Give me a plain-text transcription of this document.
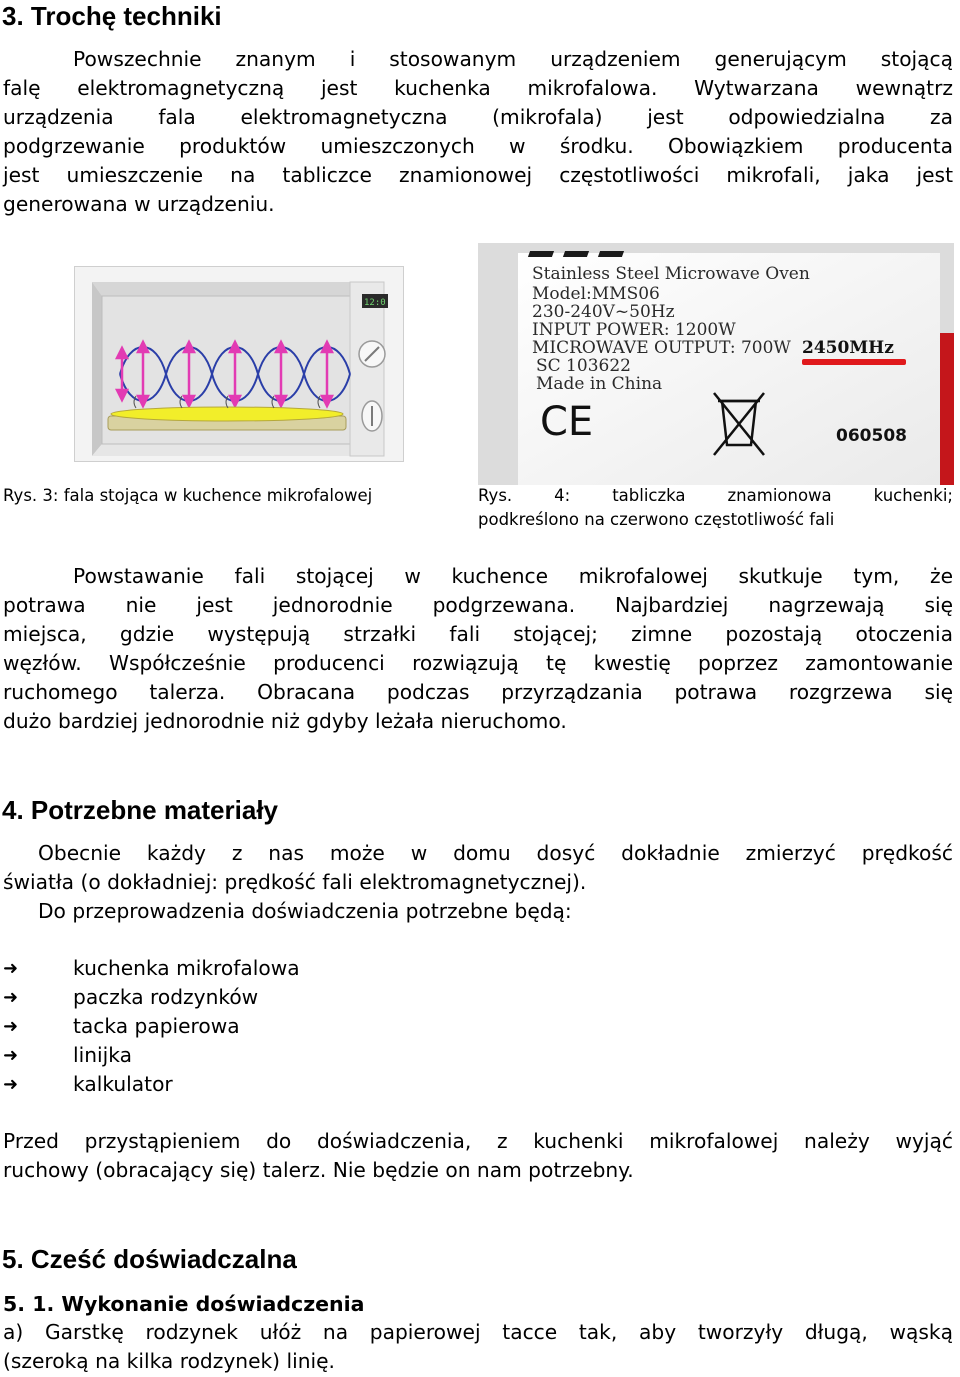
3. Trochę techniki
Powszechnie znanym i stosowanym urządzeniem generującym stojącą
falę elektromagnetyczną jest kuchenka mikrofalowa. Wytwarzana wewnątrz
urządzenia fala elektromagnetyczna (mikrofala) jest odpowiedzialna za
podgrzewanie produktów umieszczonych w środku. Obowiązkiem producenta
jest umieszczenie na tabliczce znamionowej częstotliwości mikrofali, jaka jest
generowana w urządzeniu.
12:0
Stainless Steel Microwave Oven
Model:MMS06
230-240V~50Hz
INPUT POWER: 1200W
MICROWAVE OUTPUT: 700W 2450MHz
SC 103622
Made in China
CE	060508
Rys. 3: fala stojąca w kuchence mikrofalowej	Rys. 4: tabliczka znamionowa kuchenki;
podkreślono na czerwono częstotliwość fali
Powstawanie fali stojącej w kuchence mikrofalowej skutkuje tym, że
potrawa nie jest jednorodnie podgrzewana. Najbardziej nagrzewają się
miejsca, gdzie występują strzałki fali stojącej; zimne pozostają otoczenia
węzłów. Współcześnie producenci rozwiązują tę kwestię poprzez zamontowanie
ruchomego talerza. Obracana podczas przyrządzania potrawa rozgrzewa się
dużo bardziej jednorodnie niż gdyby leżała nieruchomo.
4. Potrzebne materiały
Obecnie każdy z nas może w domu dosyć dokładnie zmierzyć prędkość
światła (o dokładniej: prędkość fali elektromagnetycznej).
Do przeprowadzenia doświadczenia potrzebne będą:
➜	kuchenka mikrofalowa
➜	paczka rodzynków
➜	tacka papierowa
➜	linijka
➜	kalkulator
Przed przystąpieniem do doświadczenia, z kuchenki mikrofalowej należy wyjąć
ruchowy (obracający się) talerz. Nie będzie on nam potrzebny.
5. Cześć doświadczalna
5. 1. Wykonanie doświadczenia
a) Garstkę rodzynek ułóż na papierowej tacce tak, aby tworzyły długą, wąską
(szeroką na kilka rodzynek) linię.
